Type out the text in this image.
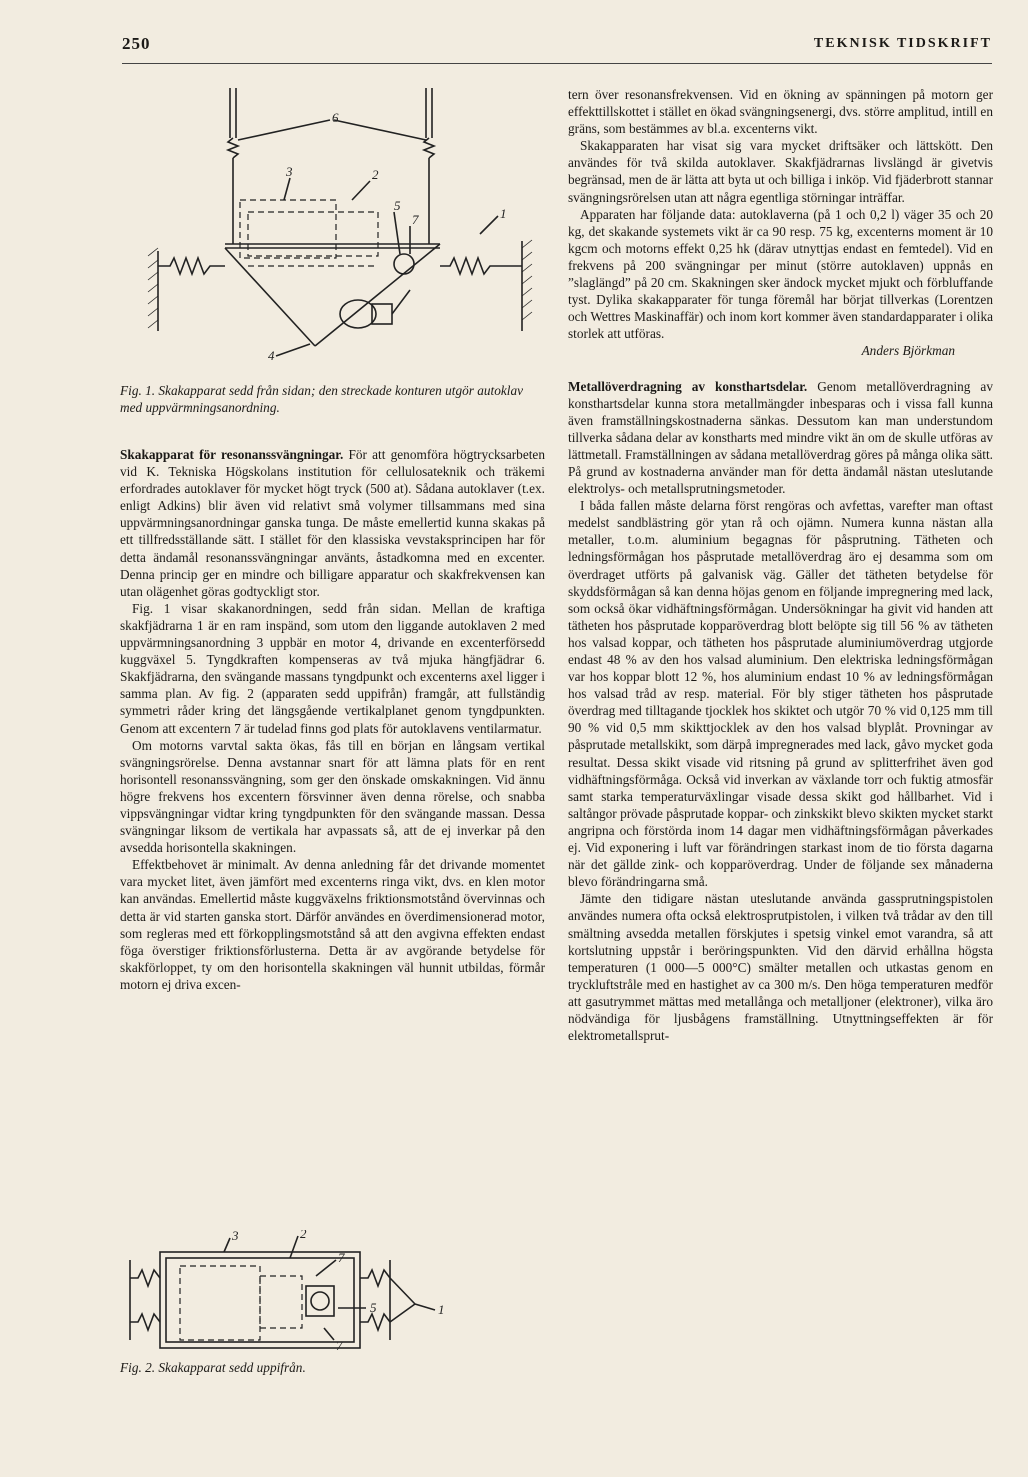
250	TEKNISK TIDSKRIFT
6
3	2
5
7	1
4
Fig. 1. Skakapparat sedd från sidan; den streckade konturen utgör autoklav med uppvärmningsanordning.

Skakapparat för resonanssvängningar. För att genomföra högtrycksarbeten vid K. Tekniska Högskolans institution för cellulosateknik och träkemi erfordrades autoklaver för mycket högt tryck (500 at). Sådana autoklaver (t.ex. enligt Adkins) blir även vid relativt små volymer tillsammans med sina uppvärmningsanordningar ganska tunga. De måste emellertid kunna skakas på ett tillfredsställande sätt. I stället för den klassiska vevstaksprincipen har för detta ändamål resonanssvängningar använts, åstadkomna med en excenter. Denna princip ger en mindre och billigare apparatur och skakfrekvensen kan utan olägenhet göras godtyckligt stor.

Fig. 1 visar skakanordningen, sedd från sidan. Mellan de kraftiga skakfjädrarna 1 är en ram inspänd, som utom den liggande autoklaven 2 med uppvärmningsanordning 3 uppbär en motor 4, drivande en excenterförsedd kuggväxel 5. Tyngdkraften kompenseras av två mjuka hängfjädrar 6. Skakfjädrarna, den svängande massans tyngdpunkt och excenterns axel ligger i samma plan. Av fig. 2 (apparaten sedd uppifrån) framgår, att fullständig symmetri råder kring det längsgående vertikalplanet genom tyngdpunkten. Genom att excentern 7 är tudelad finns god plats för autoklavens ventilarmatur.

Om motorns varvtal sakta ökas, fås till en början en långsam vertikal svängningsrörelse. Denna avstannar snart för att lämna plats för en rent horisontell resonanssvängning, som ger den önskade omskakningen. Vid ännu högre frekvens hos excentern försvinner även denna rörelse, och snabba vippsvängningar vidtar kring tyngdpunkten för den svängande massan. Dessa svängningar liksom de vertikala har avpassats så, att de ej inverkar på den avsedda horisontella skakningen.

Effektbehovet är minimalt. Av denna anledning får det drivande momentet vara mycket litet, även jämfört med excenterns ringa vikt, dvs. en klen motor kan användas. Emellertid måste kuggväxelns friktionsmotstånd övervinnas och detta är vid starten ganska stort. Därför användes en överdimensionerad motor, som regleras med ett förkopplingsmotstånd så att den avgivna effekten endast föga överstiger friktionsförlusterna. Detta är av avgörande betydelse för skakförloppet, ty om den horisontella skakningen väl hunnit utbildas, förmår motorn ej driva excen-

3	2
7
5
7
1
Fig. 2. Skakapparat sedd uppifrån.

tern över resonansfrekvensen. Vid en ökning av spänningen på motorn ger effekttillskottet i stället en ökad svängningsenergi, dvs. större amplitud, intill en gräns, som bestämmes av bl.a. excenterns vikt.

Skakapparaten har visat sig vara mycket driftsäker och lättskött. Den användes för två skilda autoklaver. Skakfjädrarnas livslängd är givetvis begränsad, men de är lätta att byta ut och billiga i inköp. Vid fjäderbrott stannar svängningsrörelsen utan att några egentliga störningar inträffar.

Apparaten har följande data: autoklaverna (på 1 och 0,2 l) väger 35 och 20 kg, det skakande systemets vikt är ca 90 resp. 75 kg, excenterns moment är 10 kgcm och motorns effekt 0,25 hk (därav utnyttjas endast en femtedel). Vid en frekvens på 200 svängningar per minut (större autoklaven) uppnås en ”slaglängd” på 20 cm. Skakningen sker ändock mycket mjukt och förbluffande tyst. Dylika skakapparater för tunga föremål har börjat tillverkas (Lorentzen och Wettres Maskinaffär) och inom kort kommer även standardapparater i olika storlek att utföras.

Anders Björkman

Metallöverdragning av konsthartsdelar. Genom metallöverdragning av konsthartsdelar kunna stora metallmängder inbesparas och i vissa fall kunna även framställningskostnaderna sänkas. Dessutom kan man understundom tillverka sådana delar av konstharts med mindre vikt än om de skulle utföras av lättmetall. Framställningen av sådana metallöverdrag göres på många olika sätt. På grund av kostnaderna använder man för detta ändamål nästan uteslutande elektrolys- och metallsprutningsmetoder.

I båda fallen måste delarna först rengöras och avfettas, varefter man oftast medelst sandblästring gör ytan rå och ojämn. Numera kunna nästan alla metaller, t.o.m. aluminium begagnas för påsprutning. Tätheten och ledningsförmågan hos påsprutade metallöverdrag äro ej desamma som om överdraget utförts på galvanisk väg. Gäller det tätheten betydelse för skyddsförmågan så kan denna höjas genom en följande impregnering med lack, som också ökar vidhäftningsförmågan. Undersökningar ha givit vid handen att tätheten hos påsprutade kopparöverdrag blott belöpte sig till 56 % av tätheten hos valsad koppar, och tätheten hos påsprutade aluminiumöverdrag utgjorde endast 48 % av den hos valsad aluminium. Den elektriska ledningsförmågan var hos koppar blott 12 %, hos aluminium endast 10 % av ledningsförmågan hos valsad tråd av resp. material. För bly stiger tätheten hos påsprutade överdrag med tilltagande tjocklek hos skiktet och utgör 70 % vid 0,125 mm till 90 % vid 0,5 mm skikttjocklek av den hos valsad blyplåt. Provningar av påsprutade metallskikt, som därpå impregnerades med lack, gåvo mycket goda resultat. Dessa skikt visade vid ritsning på grund av splitterfrihet även god vidhäftningsförmåga. Också vid inverkan av växlande torr och fuktig atmosfär samt starka temperaturväxlingar visade dessa skikt god hållbarhet. Vid i saltångor prövade påsprutade koppar- och zinkskikt blevo skikten mycket starkt angripna och förstörda inom 14 dagar men vidhäftningsförmågan påverkades ej. Vid exponering i luft var förändringen starkast inom de tio första dagarna när det gällde zink- och kopparöverdrag. Under de följande sex månaderna blevo förändringarna små.

Jämte den tidigare nästan uteslutande använda gassprutningspistolen användes numera ofta också elektrosprutpistolen, i vilken två trådar av den till smältning avsedda metallen förskjutes i spetsig vinkel emot varandra, så att kortslutning uppstår i beröringspunkten. Vid den därvid erhållna högsta temperaturen (1 000—5 000°C) smälter metallen och utkastas genom en tryckluftstråle med en hastighet av ca 300 m/s. Den höga temperaturen medför att gasutrymmet mättas med metallånga och metalljoner (elektroner), vilka äro nödvändiga för ljusbågens framställning. Utnyttningseffekten är för elektrometallsprut-
